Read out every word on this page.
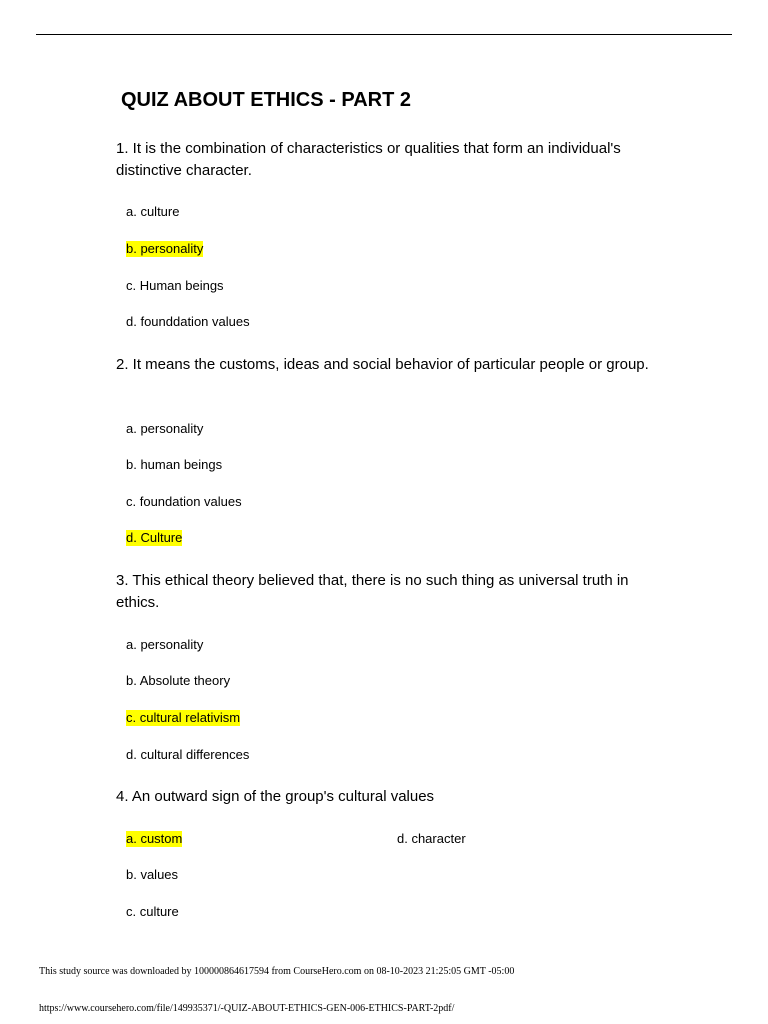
QUIZ ABOUT ETHICS - PART 2
1. It is the combination of characteristics or qualities that form an individual's distinctive character.
a. culture
b. personality
c. Human beings
d. founddation values
2. It means the customs, ideas and social behavior of particular people or group.
a. personality
b. human beings
c. foundation values
d. Culture
3. This ethical theory believed that, there is no such thing as universal truth in ethics.
a. personality
b. Absolute theory
c. cultural relativism
d. cultural differences
4. An outward sign of the group's cultural values
a. custom
b. values
c. culture
d. character
This study source was downloaded by 100000864617594 from CourseHero.com on 08-10-2023 21:25:05 GMT -05:00
https://www.coursehero.com/file/149935371/-QUIZ-ABOUT-ETHICS-GEN-006-ETHICS-PART-2pdf/
